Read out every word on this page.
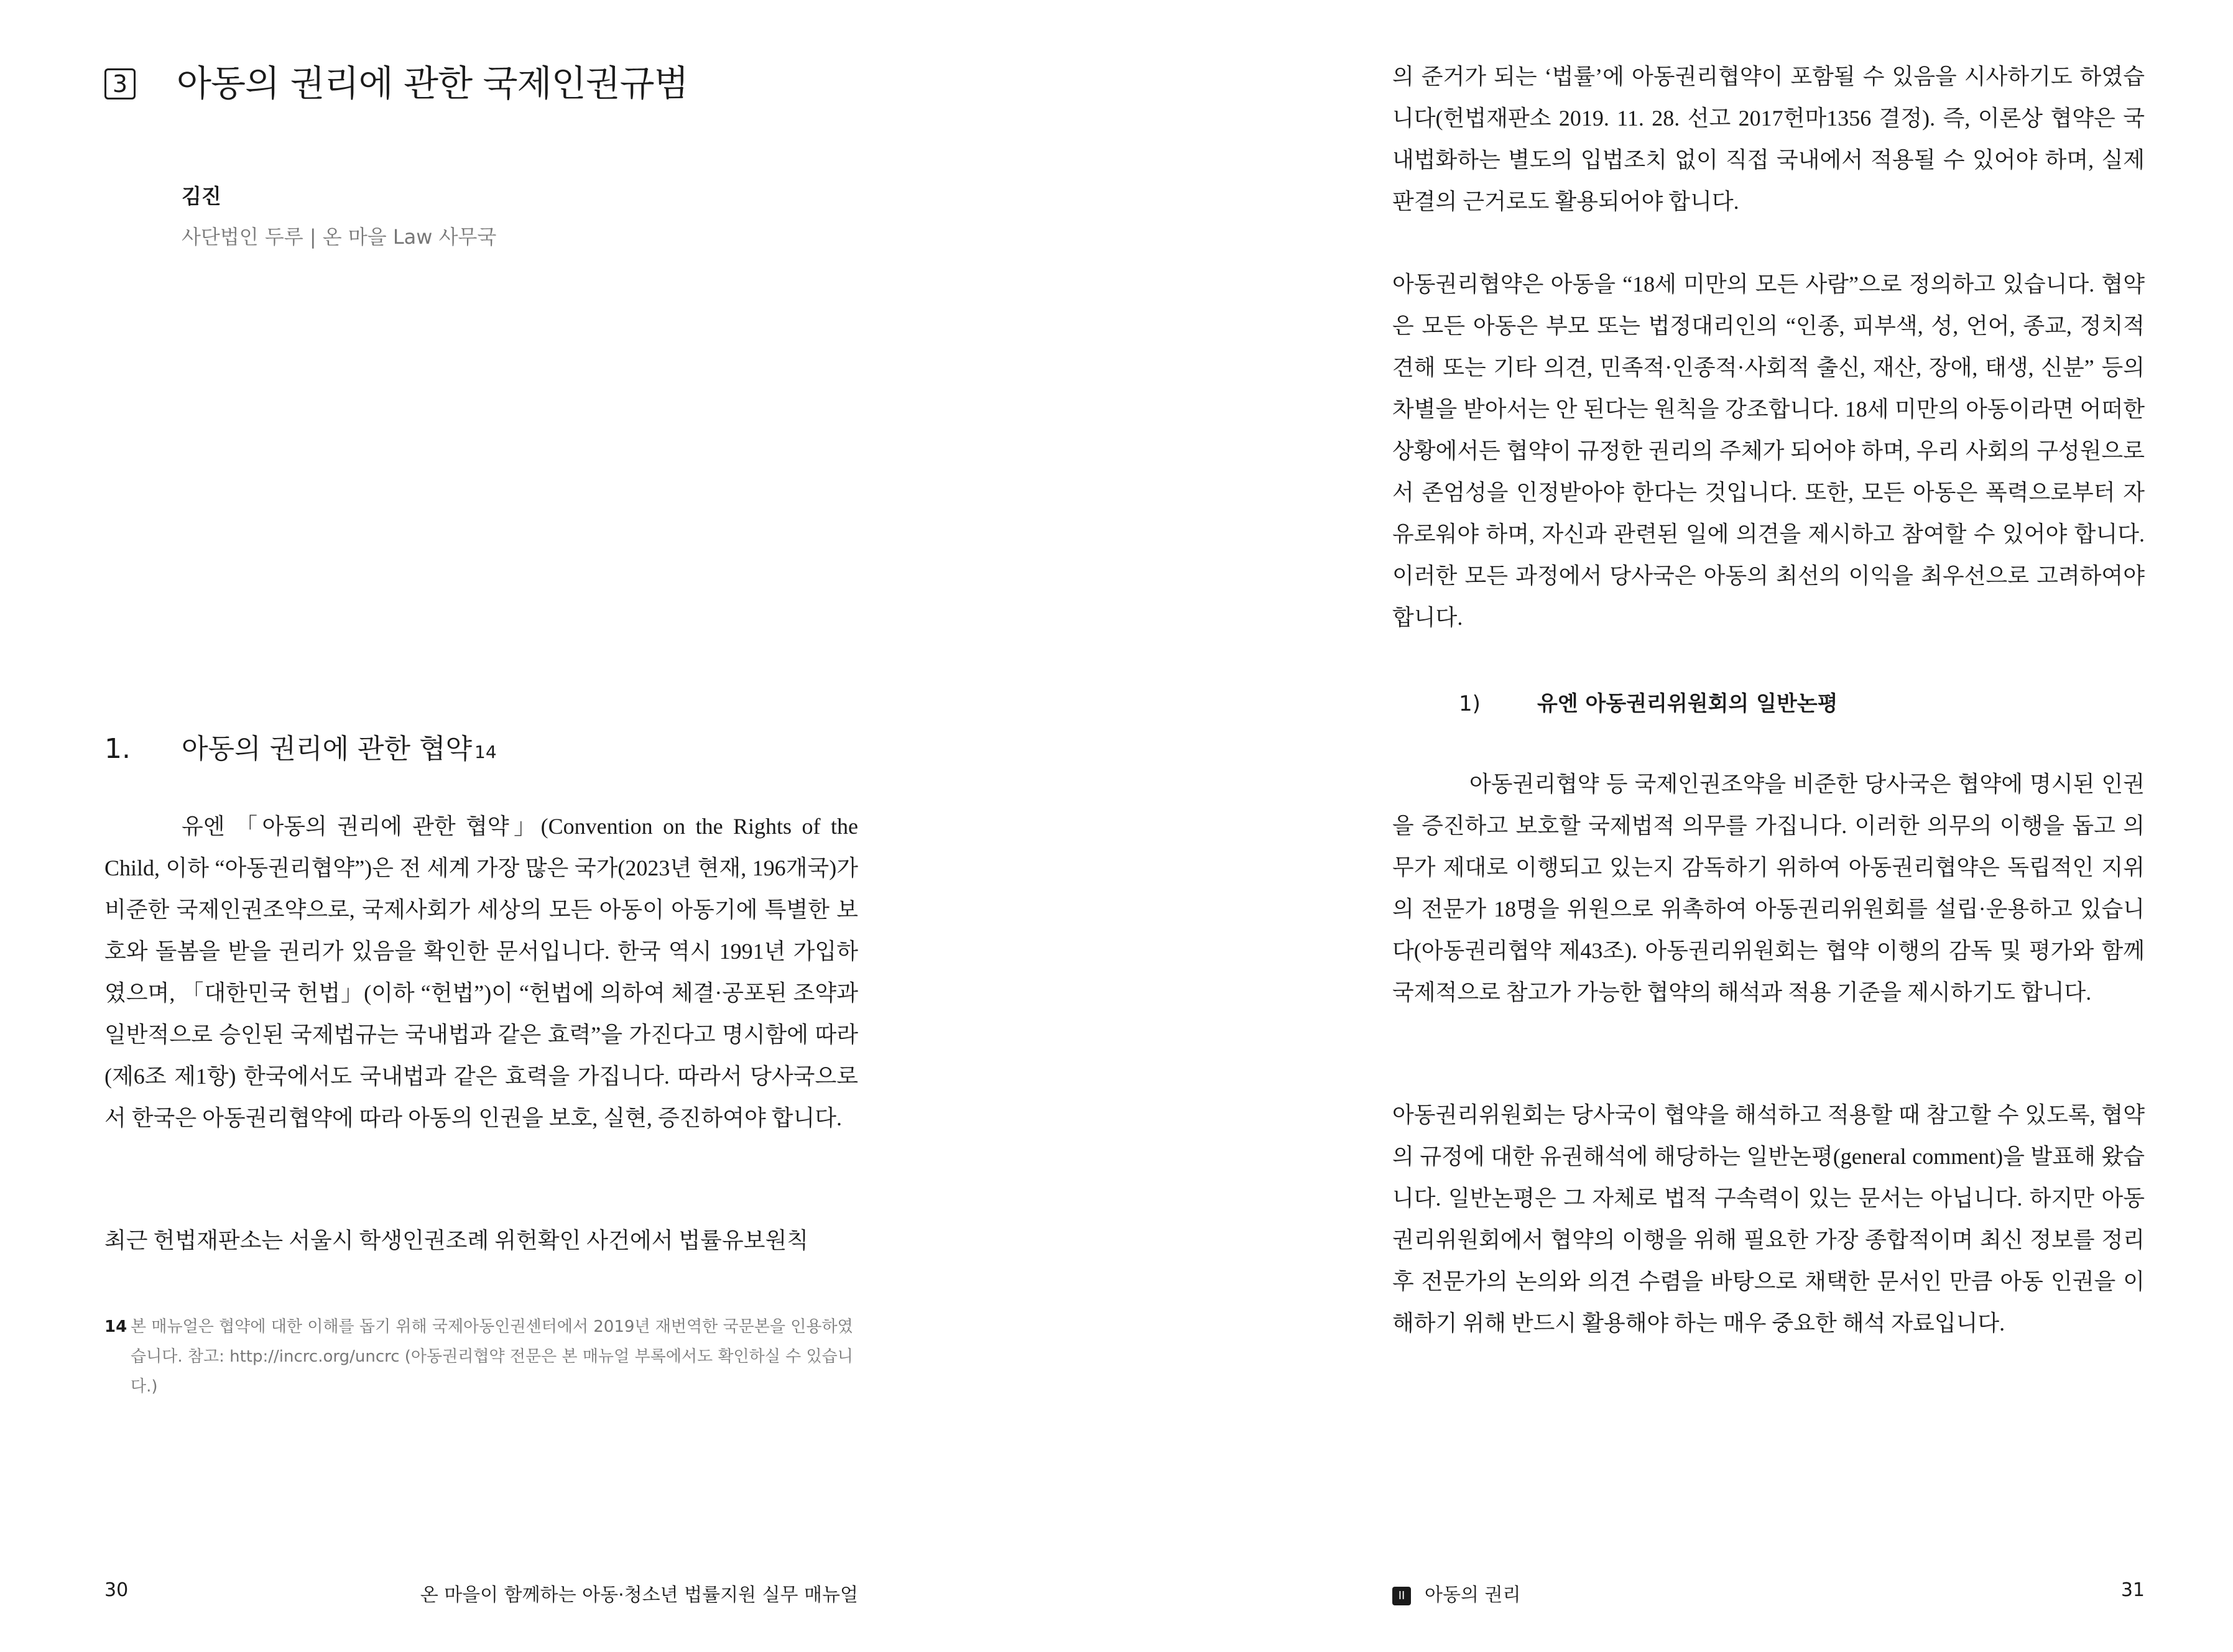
3 아동의 권리에 관한 국제인권규범
김진
사단법인 두루 | 온 마을 Law 사무국
1.	아동의 권리에 관한 협약$_{14}$

유엔 「아동의 권리에 관한 협약」(Convention on the Rights of the Child, 이하 “아동권리협약”)은 전 세계 가장 많은 국가(2023년 현재, 196개국)가 비준한 국제인권조약으로, 국제사회가 세상의 모든 아동이 아동기에 특별한 보호와 돌봄을 받을 권리가 있음을 확인한 문서입니다. 한국 역시 1991년 가입하였으며, 「대한민국 헌법」(이하 “헌법”)이 “헌법에 의하여 체결·공포된 조약과 일반적으로 승인된 국제법규는 국내법과 같은 효력”을 가진다고 명시함에 따라 (제6조 제1항) 한국에서도 국내법과 같은 효력을 가집니다. 따라서 당사국으로서 한국은 아동권리협약에 따라 아동의 인권을 보호, 실현, 증진하여야 합니다.

최근 헌법재판소는 서울시 학생인권조례 위헌확인 사건에서 법률유보원칙

14 본 매뉴얼은 협약에 대한 이해를 돕기 위해 국제아동인권센터에서 2019년 재번역한 국문본을 인용하였습니다. 참고: http://incrc.org/uncrc (아동권리협약 전문은 본 매뉴얼 부록에서도 확인하실 수 있습니다.)
30	온 마을이 함께하는 아동·청소년 법률지원 실무 매뉴얼

의 준거가 되는 ‘법률’에 아동권리협약이 포함될 수 있음을 시사하기도 하였습니다(헌법재판소 2019. 11. 28. 선고 2017헌마1356 결정). 즉, 이론상 협약은 국내법화하는 별도의 입법조치 없이 직접 국내에서 적용될 수 있어야 하며, 실제 판결의 근거로도 활용되어야 합니다.

아동권리협약은 아동을 “18세 미만의 모든 사람”으로 정의하고 있습니다. 협약은 모든 아동은 부모 또는 법정대리인의 “인종, 피부색, 성, 언어, 종교, 정치적 견해 또는 기타 의견, 민족적·인종적·사회적 출신, 재산, 장애, 태생, 신분” 등의 차별을 받아서는 안 된다는 원칙을 강조합니다. 18세 미만의 아동이라면 어떠한 상황에서든 협약이 규정한 권리의 주체가 되어야 하며, 우리 사회의 구성원으로서 존엄성을 인정받아야 한다는 것입니다. 또한, 모든 아동은 폭력으로부터 자유로워야 하며, 자신과 관련된 일에 의견을 제시하고 참여할 수 있어야 합니다. 이러한 모든 과정에서 당사국은 아동의 최선의 이익을 최우선으로 고려하여야 합니다.

1)	유엔 아동권리위원회의 일반논평

아동권리협약 등 국제인권조약을 비준한 당사국은 협약에 명시된 인권을 증진하고 보호할 국제법적 의무를 가집니다. 이러한 의무의 이행을 돕고 의무가 제대로 이행되고 있는지 감독하기 위하여 아동권리협약은 독립적인 지위의 전문가 18명을 위원으로 위촉하여 아동권리위원회를 설립·운용하고 있습니다(아동권리협약 제43조). 아동권리위원회는 협약 이행의 감독 및 평가와 함께 국제적으로 참고가 가능한 협약의 해석과 적용 기준을 제시하기도 합니다.

아동권리위원회는 당사국이 협약을 해석하고 적용할 때 참고할 수 있도록, 협약의 규정에 대한 유권해석에 해당하는 일반논평(general comment)을 발표해 왔습니다. 일반논평은 그 자체로 법적 구속력이 있는 문서는 아닙니다. 하지만 아동권리위원회에서 협약의 이행을 위해 필요한 가장 종합적이며 최신 정보를 정리 후 전문가의 논의와 의견 수렴을 바탕으로 채택한 문서인 만큼 아동 인권을 이해하기 위해 반드시 활용해야 하는 매우 중요한 해석 자료입니다.

II 아동의 권리	31
